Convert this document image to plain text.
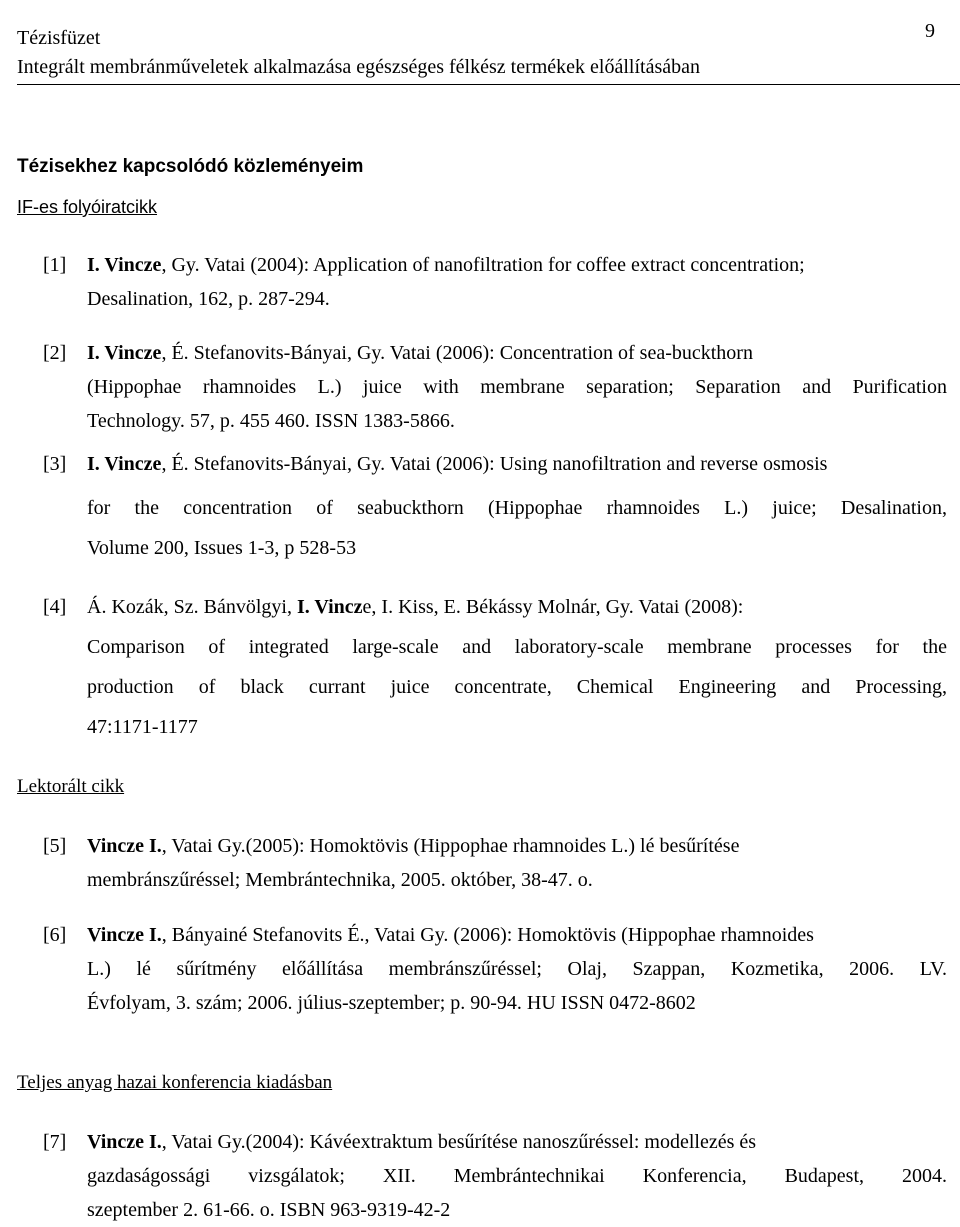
Tézisfüzet
Integrált membránműveletek alkalmazása egészséges félkész termékek előállításában
9
Tézisekhez kapcsolódó közleményeim
IF-es folyóiratcikk
[1] I. Vincze, Gy. Vatai (2004): Application of nanofiltration for coffee extract concentration;
Desalination, 162, p. 287-294.
[2] I. Vincze, É. Stefanovits-Bányai, Gy. Vatai (2006): Concentration of sea-buckthorn
(Hippophae rhamnoides L.) juice with membrane separation; Separation and Purification
Technology. 57, p. 455 460. ISSN 1383-5866.
[3] I. Vincze, É. Stefanovits-Bányai, Gy. Vatai (2006): Using nanofiltration and reverse osmosis
for the concentration of seabuckthorn (Hippophae rhamnoides L.) juice; Desalination,
Volume 200, Issues 1-3, p 528-53
[4] Á. Kozák, Sz. Bánvölgyi, I. Vincze, I. Kiss, E. Békássy Molnár, Gy. Vatai (2008):
Comparison of integrated large-scale and laboratory-scale membrane processes for the
production of black currant juice concentrate, Chemical Engineering and Processing,
47:1171-1177
Lektorált cikk
[5] Vincze I., Vatai Gy.(2005): Homoktövis (Hippophae rhamnoides L.) lé besűrítése
membránszűréssel; Membrántechnika, 2005. október, 38-47. o.
[6] Vincze I., Bányainé Stefanovits É., Vatai Gy. (2006): Homoktövis (Hippophae rhamnoides
L.) lé sűrítmény előállítása membránszűréssel; Olaj, Szappan, Kozmetika, 2006. LV.
Évfolyam, 3. szám; 2006. július-szeptember; p. 90-94. HU ISSN 0472-8602
Teljes anyag hazai konferencia kiadásban
[7] Vincze I., Vatai Gy.(2004): Kávéextraktum besűrítése nanoszűréssel: modellezés és
gazdaságossági vizsgálatok; XII. Membrántechnikai Konferencia, Budapest, 2004.
szeptember 2. 61-66. o. ISBN 963-9319-42-2
